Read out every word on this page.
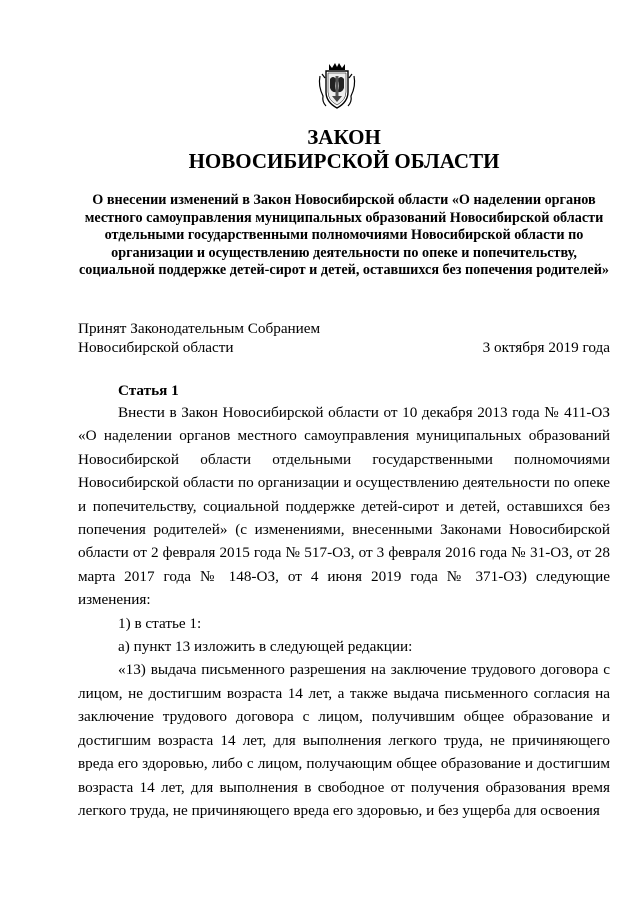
ЗАКОН
НОВОСИБИРСКОЙ ОБЛАСТИ

О внесении изменений в Закон Новосибирской области «О наделении органов местного самоуправления муниципальных образований Новосибирской области отдельными государственными полномочиями Новосибирской области по организации и осуществлению деятельности по опеке и попечительству, социальной поддержке детей-сирот и детей, оставшихся без попечения родителей»

Принят Законодательным Собранием
Новосибирской области	3 октября 2019 года
Статья 1

Внести в Закон Новосибирской области от 10 декабря 2013 года № 411-ОЗ «О наделении органов местного самоуправления муниципальных образований Новосибирской области отдельными государственными полномочиями Новосибирской области по организации и осуществлению деятельности по опеке и попечительству, социальной поддержке детей-сирот и детей, оставшихся без попечения родителей» (с изменениями, внесенными Законами Новосибирской области от 2 февраля 2015 года № 517-ОЗ, от 3 февраля 2016 года № 31-ОЗ, от 28 марта 2017 года № 148-ОЗ, от 4 июня 2019 года № 371-ОЗ) следующие изменения:

1) в статье 1:

а) пункт 13 изложить в следующей редакции:

«13) выдача письменного разрешения на заключение трудового договора с лицом, не достигшим возраста 14 лет, а также выдача письменного согласия на заключение трудового договора с лицом, получившим общее образование и достигшим возраста 14 лет, для выполнения легкого труда, не причиняющего вреда его здоровью, либо с лицом, получающим общее образование и достигшим возраста 14 лет, для выполнения в свободное от получения образования время легкого труда, не причиняющего вреда его здоровью, и без ущерба для освоения
